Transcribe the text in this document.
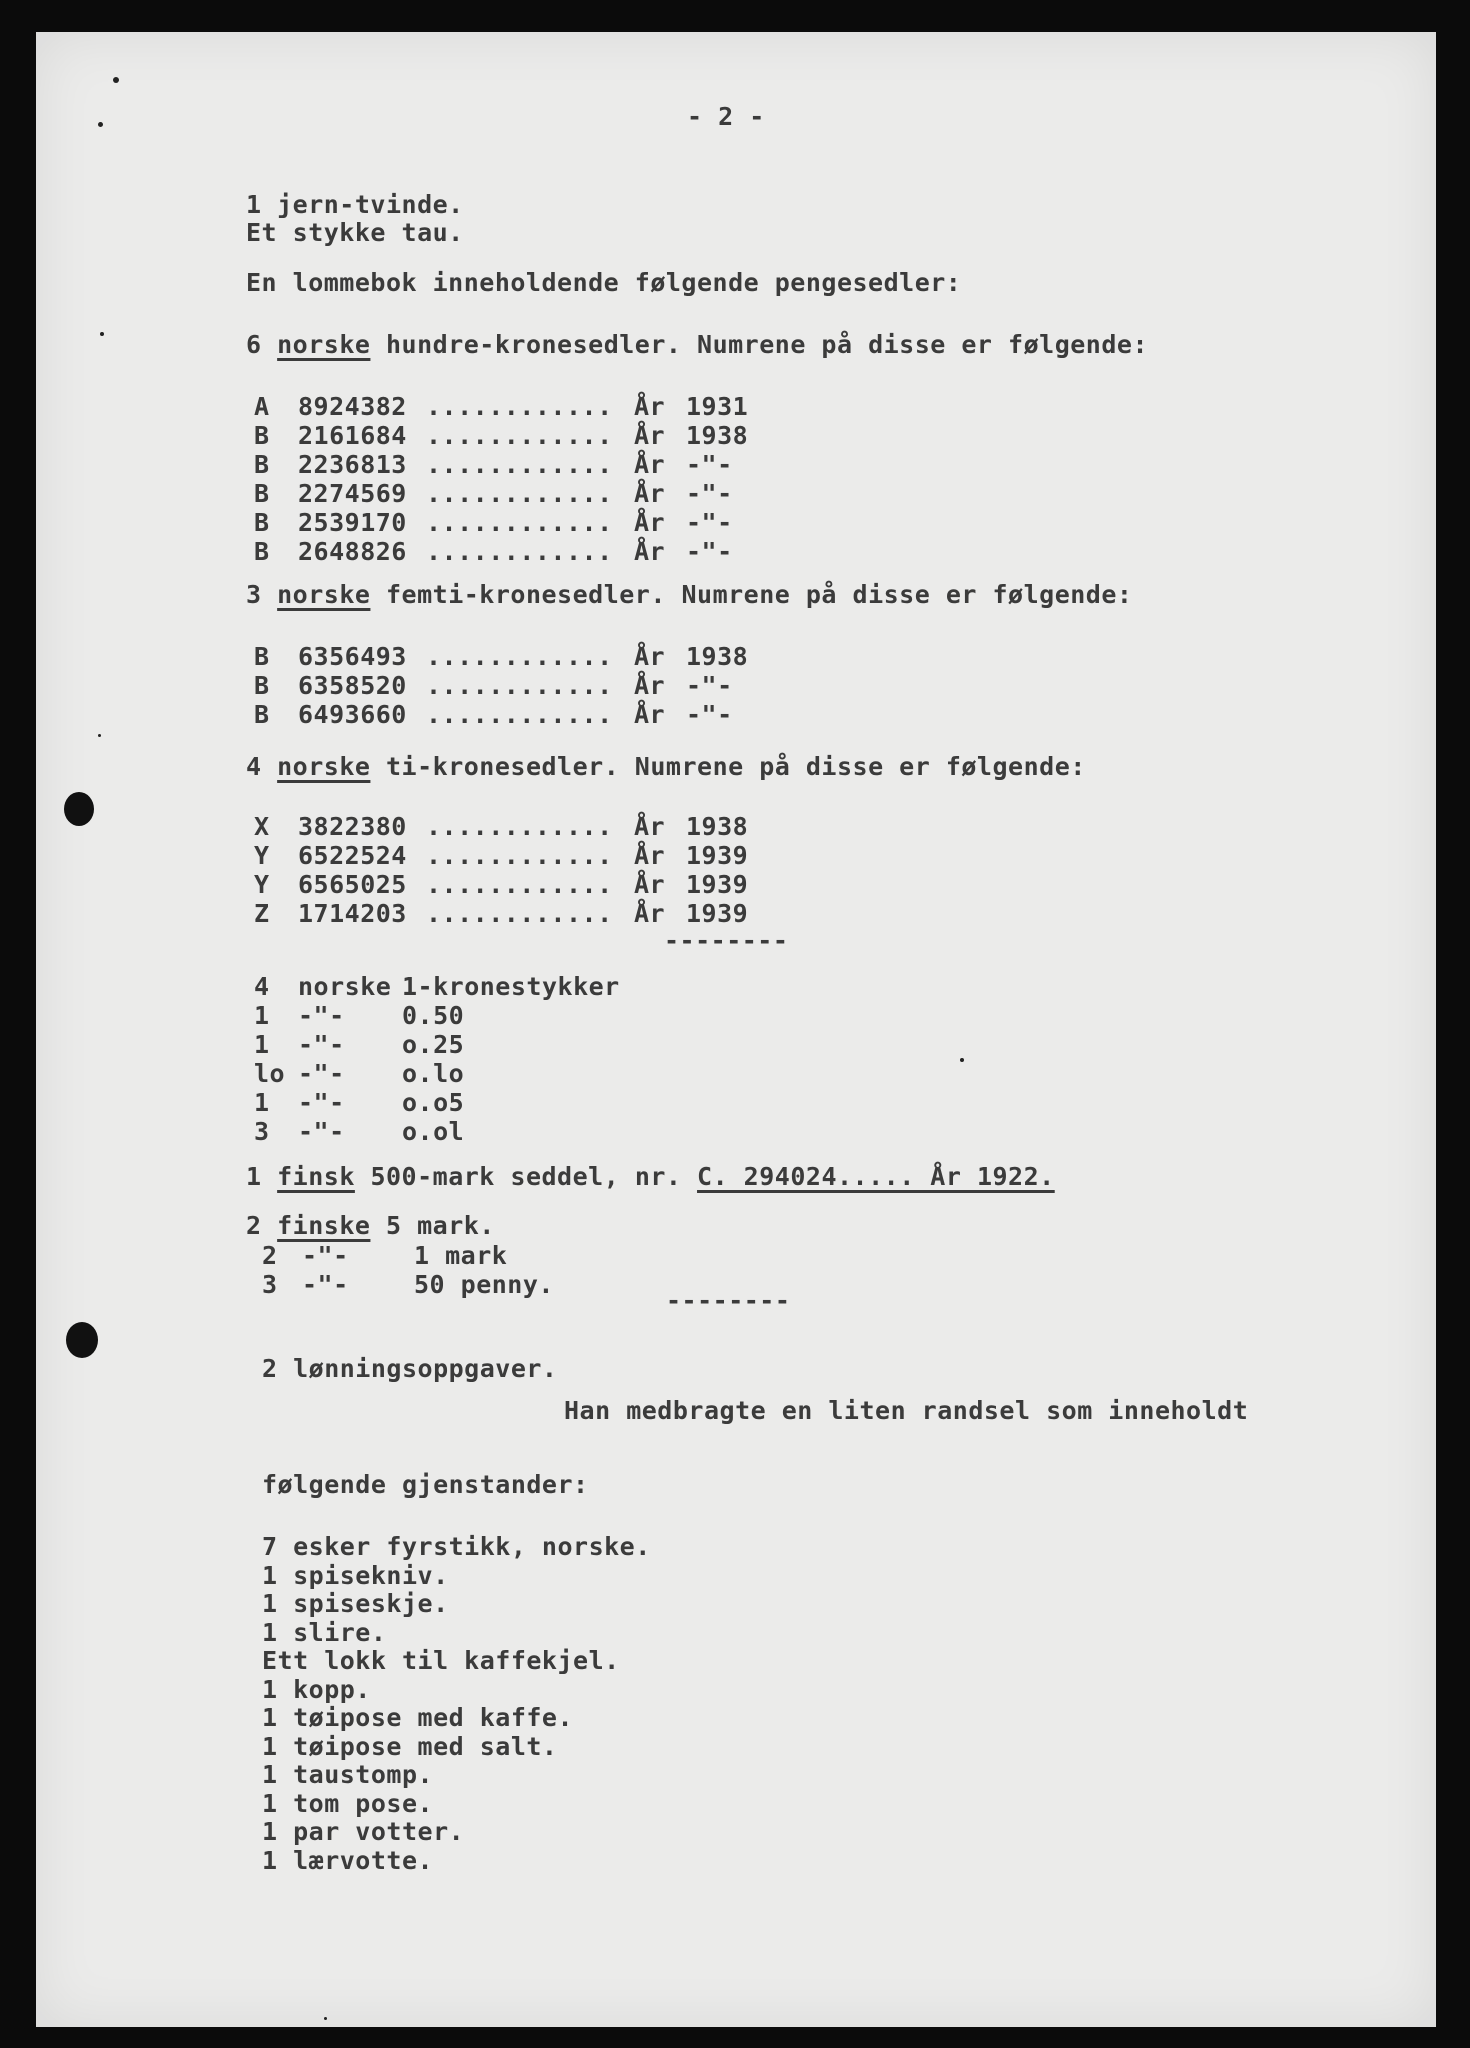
- 2 -
1 jern-tvinde.
Et stykke tau.
En lommebok inneholdende følgende pengesedler:
6 norske hundre-kronesedler. Numrene på disse er følgende:
A 8924382 ............ År 1931
B 2161684 ............ År 1938
B 2236813 ............ År -"-
B 2274569 ............ År -"-
B 2539170 ............ År -"-
B 2648826 ............ År -"-
3 norske femti-kronesedler. Numrene på disse er følgende:
B 6356493 ............ År 1938
B 6358520 ............ År -"-
B 6493660 ............ År -"-
4 norske ti-kronesedler. Numrene på disse er følgende:
X 3822380 ............ År 1938
Y 6522524 ............ År 1939
Y 6565025 ............ År 1939
Z 1714203 ............ År 1939
--------
4 norske 1-kronestykker
1 -"- 0.50
1 -"- o.25
lo -"- o.lo
1 -"- o.o5
3 -"- o.ol
1 finsk 500-mark seddel, nr. C. 294024..... År 1922.
2 finske 5 mark.
2 -"-	1 mark
3 -"-	50 penny.
--------
2 lønningsoppgaver.
Han medbragte en liten randsel som inneholdt
følgende gjenstander:
7 esker fyrstikk, norske.
1 spisekniv.
1 spiseskje.
1 slire.
Ett lokk til kaffekjel.
1 kopp.
1 tøipose med kaffe.
1 tøipose med salt.
1 taustomp.
1 tom pose.
1 par votter.
1 lærvotte.
